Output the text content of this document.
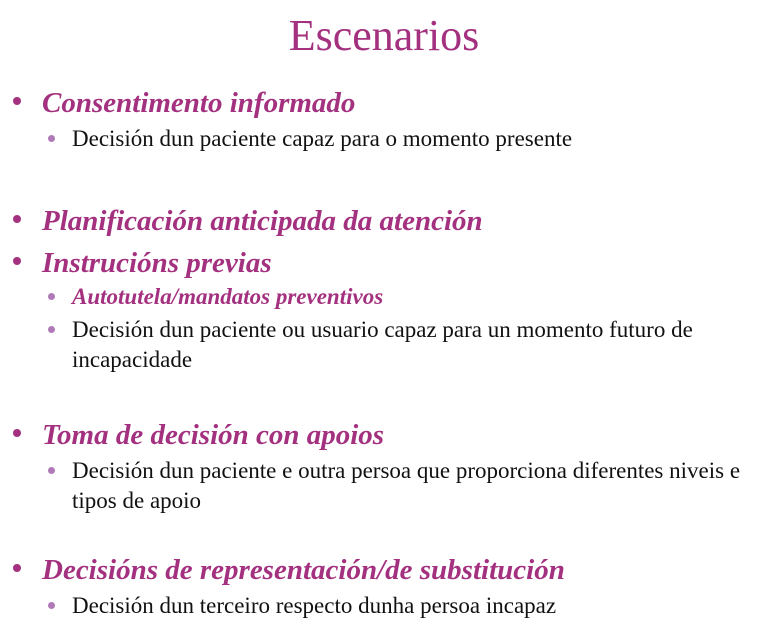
Escenarios
Consentimento informado
Decisión dun paciente capaz para o momento presente
Planificación anticipada da atención
Instrucións previas
Autotutela/mandatos preventivos
Decisión dun paciente ou usuario capaz para un momento futuro de incapacidade
Toma de decisión con apoios
Decisión dun paciente e outra persoa que proporciona diferentes niveis e tipos de apoio
Decisións de representación/de substitución
Decisión dun terceiro respecto dunha persoa incapaz
